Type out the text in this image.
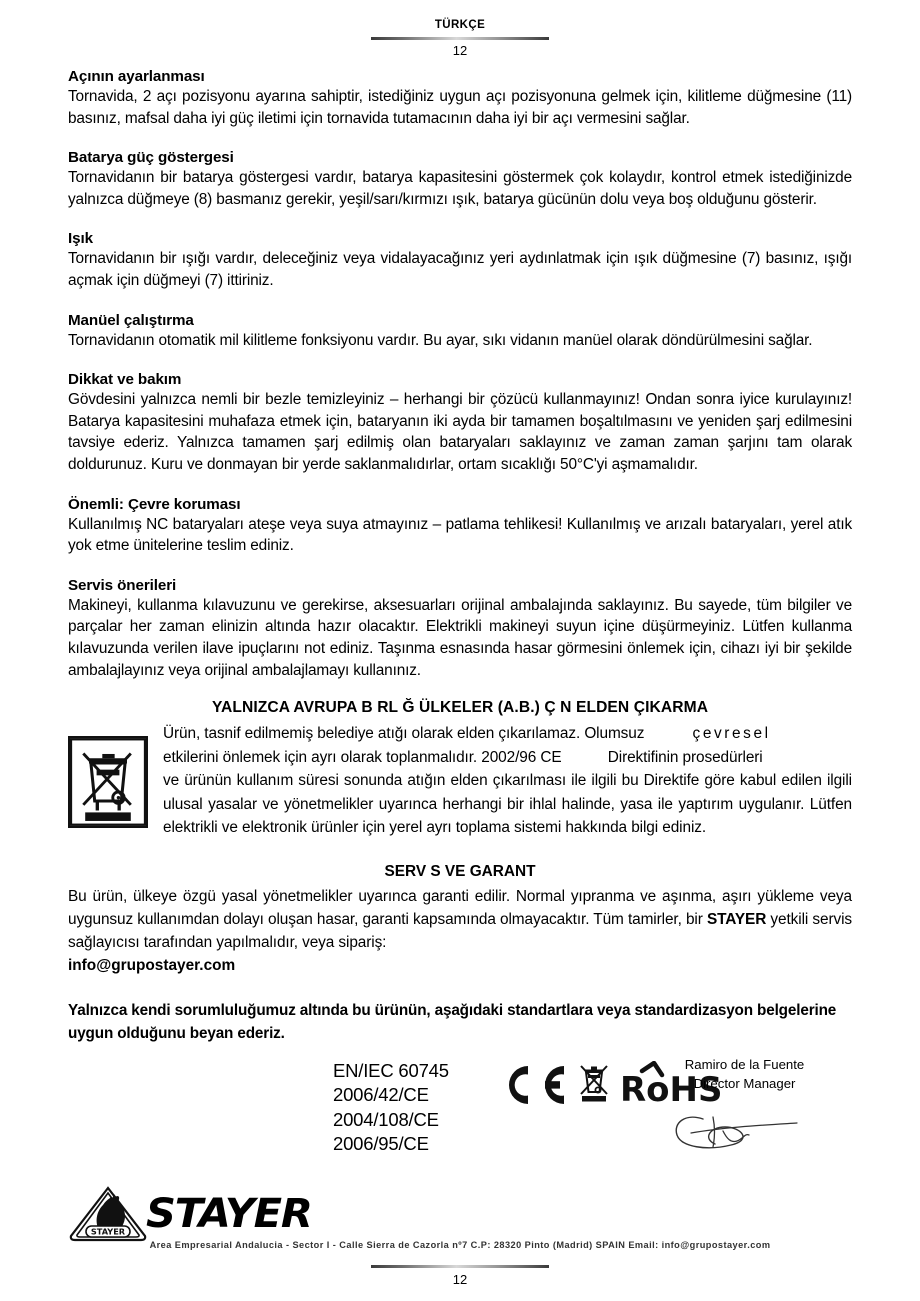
TÜRKÇE
12
Açının ayarlanması

Tornavida, 2 açı pozisyonu ayarına sahiptir, istediğiniz uygun açı pozisyonuna gelmek için, kilitleme düğmesine (11) basınız, mafsal daha iyi güç iletimi için tornavida tutamacının daha iyi bir açı vermesini sağlar.

Batarya güç göstergesi

Tornavidanın bir batarya göstergesi vardır, batarya kapasitesini göstermek çok kolaydır, kontrol etmek istediğinizde yalnızca düğmeye (8) basmanız gerekir, yeşil/sarı/kırmızı ışık, batarya gücünün dolu veya boş olduğunu gösterir.

Işık

Tornavidanın bir ışığı vardır, deleceğiniz veya vidalayacağınız yeri aydınlatmak için ışık düğmesine (7) basınız, ışığı açmak için düğmeyi (7) ittiriniz.

Manüel çalıştırma

Tornavidanın otomatik mil kilitleme fonksiyonu vardır. Bu ayar, sıkı vidanın manüel olarak döndürülmesini sağlar.

Dikkat ve bakım

Gövdesini yalnızca nemli bir bezle temizleyiniz – herhangi bir çözücü kullanmayınız! Ondan sonra iyice kurulayınız! Batarya kapasitesini muhafaza etmek için, bataryanın iki ayda bir tamamen boşaltılmasını ve yeniden şarj edilmesini tavsiye ederiz. Yalnızca tamamen şarj edilmiş olan bataryaları saklayınız ve zaman zaman şarjını tam olarak doldurunuz. Kuru ve donmayan bir yerde saklanmalıdırlar, ortam sıcaklığı 50°C'yi aşmamalıdır.

Önemli: Çevre koruması

Kullanılmış NC bataryaları ateşe veya suya atmayınız – patlama tehlikesi! Kullanılmış ve arızalı bataryaları, yerel atık yok etme ünitelerine teslim ediniz.

Servis önerileri

Makineyi, kullanma kılavuzunu ve gerekirse, aksesuarları orijinal ambalajında saklayınız. Bu sayede, tüm bilgiler ve parçalar her zaman elinizin altında hazır olacaktır. Elektrikli makineyi suyun içine düşürmeyiniz. Lütfen kullanma kılavuzunda verilen ilave ipuçlarını not ediniz. Taşınma esnasında hasar görmesini önlemek için, cihazı iyi bir şekilde ambalajlayınız veya orijinal ambalajlamayı kullanınız.

YALNIZCA AVRUPA B RL Ğ ÜLKELER (A.B.) Ç N ELDEN ÇIKARMA

Ürün, tasnif edilmemiş belediye atığı olarak elden çıkarılamaz. Olumsuz	çevresel

etkilerini önlemek için ayrı olarak toplanmalıdır. 2002/96 CE	Direktifinin prosedürleri

ve ürünün kullanım süresi sonunda atığın elden çıkarılması ile ilgili bu Direktife göre kabul edilen ilgili ulusal yasalar ve yönetmelikler uyarınca herhangi bir ihlal halinde, yasa ile yaptırım uygulanır. Lütfen elektrikli ve elektronik ürünler için yerel ayrı toplama sistemi hakkında bilgi ediniz.

SERV S VE GARANT

Bu ürün, ülkeye özgü yasal yönetmelikler uyarınca garanti edilir. Normal yıpranma ve aşınma, aşırı yükleme veya uygunsuz kullanımdan dolayı oluşan hasar, garanti kapsamında olmayacaktır. Tüm tamirler, bir STAYER yetkili servis sağlayıcısı tarafından yapılmalıdır, veya sipariş:

info@grupostayer.com

Yalnızca kendi sorumluluğumuz altında bu ürünün, aşağıdaki standartlara veya standardizasyon belgelerine uygun olduğunu beyan ederiz.

EN/IEC 60745
2006/42/CE
2004/108/CE
2006/95/CE
RoHS
Ramiro de la Fuente
Director Manager
STAYER STAYER
Area Empresarial Andalucia - Sector I - Calle Sierra de Cazorla nº7 C.P: 28320 Pinto (Madrid) SPAIN Email: info@grupostayer.com
12
